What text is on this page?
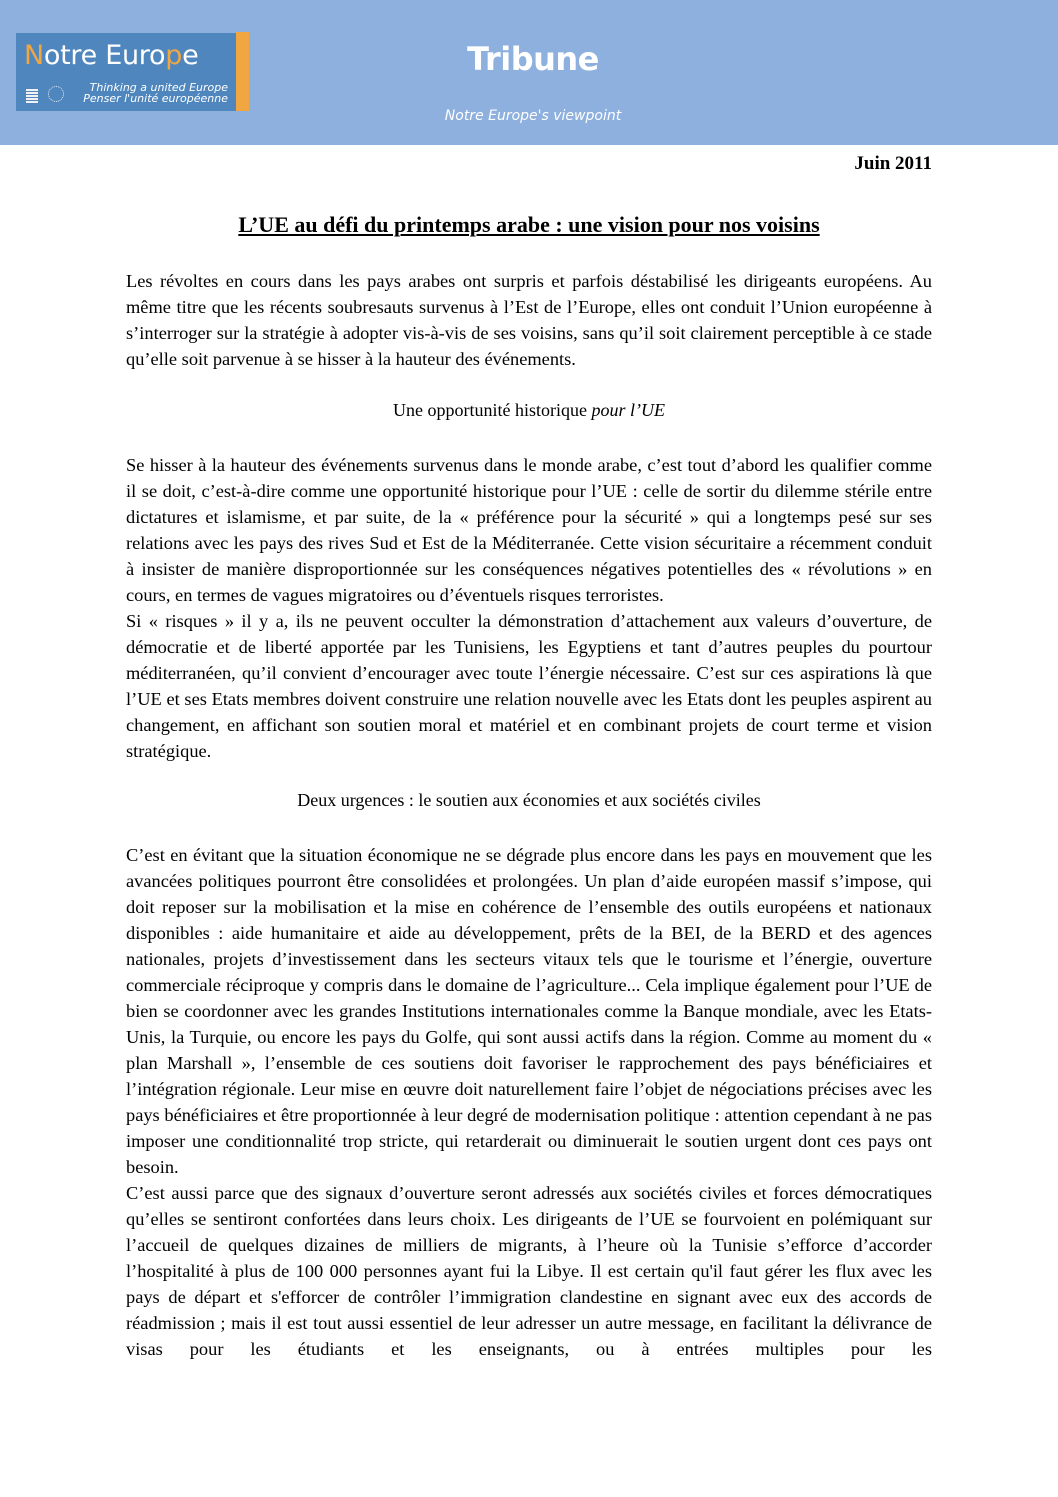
Notre Europe
Thinking a united Europe
Penser l'unité européenne
Tribune
Notre Europe's viewpoint
Juin 2011
L’UE au défi du printemps arabe : une vision pour nos voisins

Les révoltes en cours dans les pays arabes ont surpris et parfois déstabilisé les dirigeants européens. Au même titre que les récents soubresauts survenus à l’Est de l’Europe, elles ont conduit l’Union européenne à s’interroger sur la stratégie à adopter vis-à-vis de ses voisins, sans qu’il soit clairement perceptible à ce stade qu’elle soit parvenue à se hisser à la hauteur des événements.

Une opportunité historique pour l’UE

Se hisser à la hauteur des événements survenus dans le monde arabe, c’est tout d’abord les qualifier comme il se doit, c’est-à-dire comme une opportunité historique pour l’UE : celle de sortir du dilemme stérile entre dictatures et islamisme, et par suite, de la « préférence pour la sécurité » qui a longtemps pesé sur ses relations avec les pays des rives Sud et Est de la Méditerranée. Cette vision sécuritaire a récemment conduit à insister de manière disproportionnée sur les conséquences négatives potentielles des « révolutions » en cours, en termes de vagues migratoires ou d’éventuels risques terroristes.

Si « risques » il y a, ils ne peuvent occulter la démonstration d’attachement aux valeurs d’ouverture, de démocratie et de liberté apportée par les Tunisiens, les Egyptiens et tant d’autres peuples du pourtour méditerranéen, qu’il convient d’encourager avec toute l’énergie nécessaire. C’est sur ces aspirations là que l’UE et ses Etats membres doivent construire une relation nouvelle avec les Etats dont les peuples aspirent au changement, en affichant son soutien moral et matériel et en combinant projets de court terme et vision stratégique.

Deux urgences : le soutien aux économies et aux sociétés civiles

C’est en évitant que la situation économique ne se dégrade plus encore dans les pays en mouvement que les avancées politiques pourront être consolidées et prolongées. Un plan d’aide européen massif s’impose, qui doit reposer sur la mobilisation et la mise en cohérence de l’ensemble des outils européens et nationaux disponibles : aide humanitaire et aide au développement, prêts de la BEI, de la BERD et des agences nationales, projets d’investissement dans les secteurs vitaux tels que le tourisme et l’énergie, ouverture commerciale réciproque y compris dans le domaine de l’agriculture... Cela implique également pour l’UE de bien se coordonner avec les grandes Institutions internationales comme la Banque mondiale, avec les Etats-Unis, la Turquie, ou encore les pays du Golfe, qui sont aussi actifs dans la région. Comme au moment du « plan Marshall », l’ensemble de ces soutiens doit favoriser le rapprochement des pays bénéficiaires et l’intégration régionale. Leur mise en œuvre doit naturellement faire l’objet de négociations précises avec les pays bénéficiaires et être proportionnée à leur degré de modernisation politique : attention cependant à ne pas imposer une conditionnalité trop stricte, qui retarderait ou diminuerait le soutien urgent dont ces pays ont besoin.

C’est aussi parce que des signaux d’ouverture seront adressés aux sociétés civiles et forces démocratiques qu’elles se sentiront confortées dans leurs choix. Les dirigeants de l’UE se fourvoient en polémiquant sur l’accueil de quelques dizaines de milliers de migrants, à l’heure où la Tunisie s’efforce d’accorder l’hospitalité à plus de 100 000 personnes ayant fui la Libye. Il est certain qu'il faut gérer les flux avec les pays de départ et s'efforcer de contrôler l’immigration clandestine en signant avec eux des accords de réadmission ; mais il est tout aussi essentiel de leur adresser un autre message, en facilitant la délivrance de visas pour les étudiants et les enseignants, ou à entrées multiples pour les
